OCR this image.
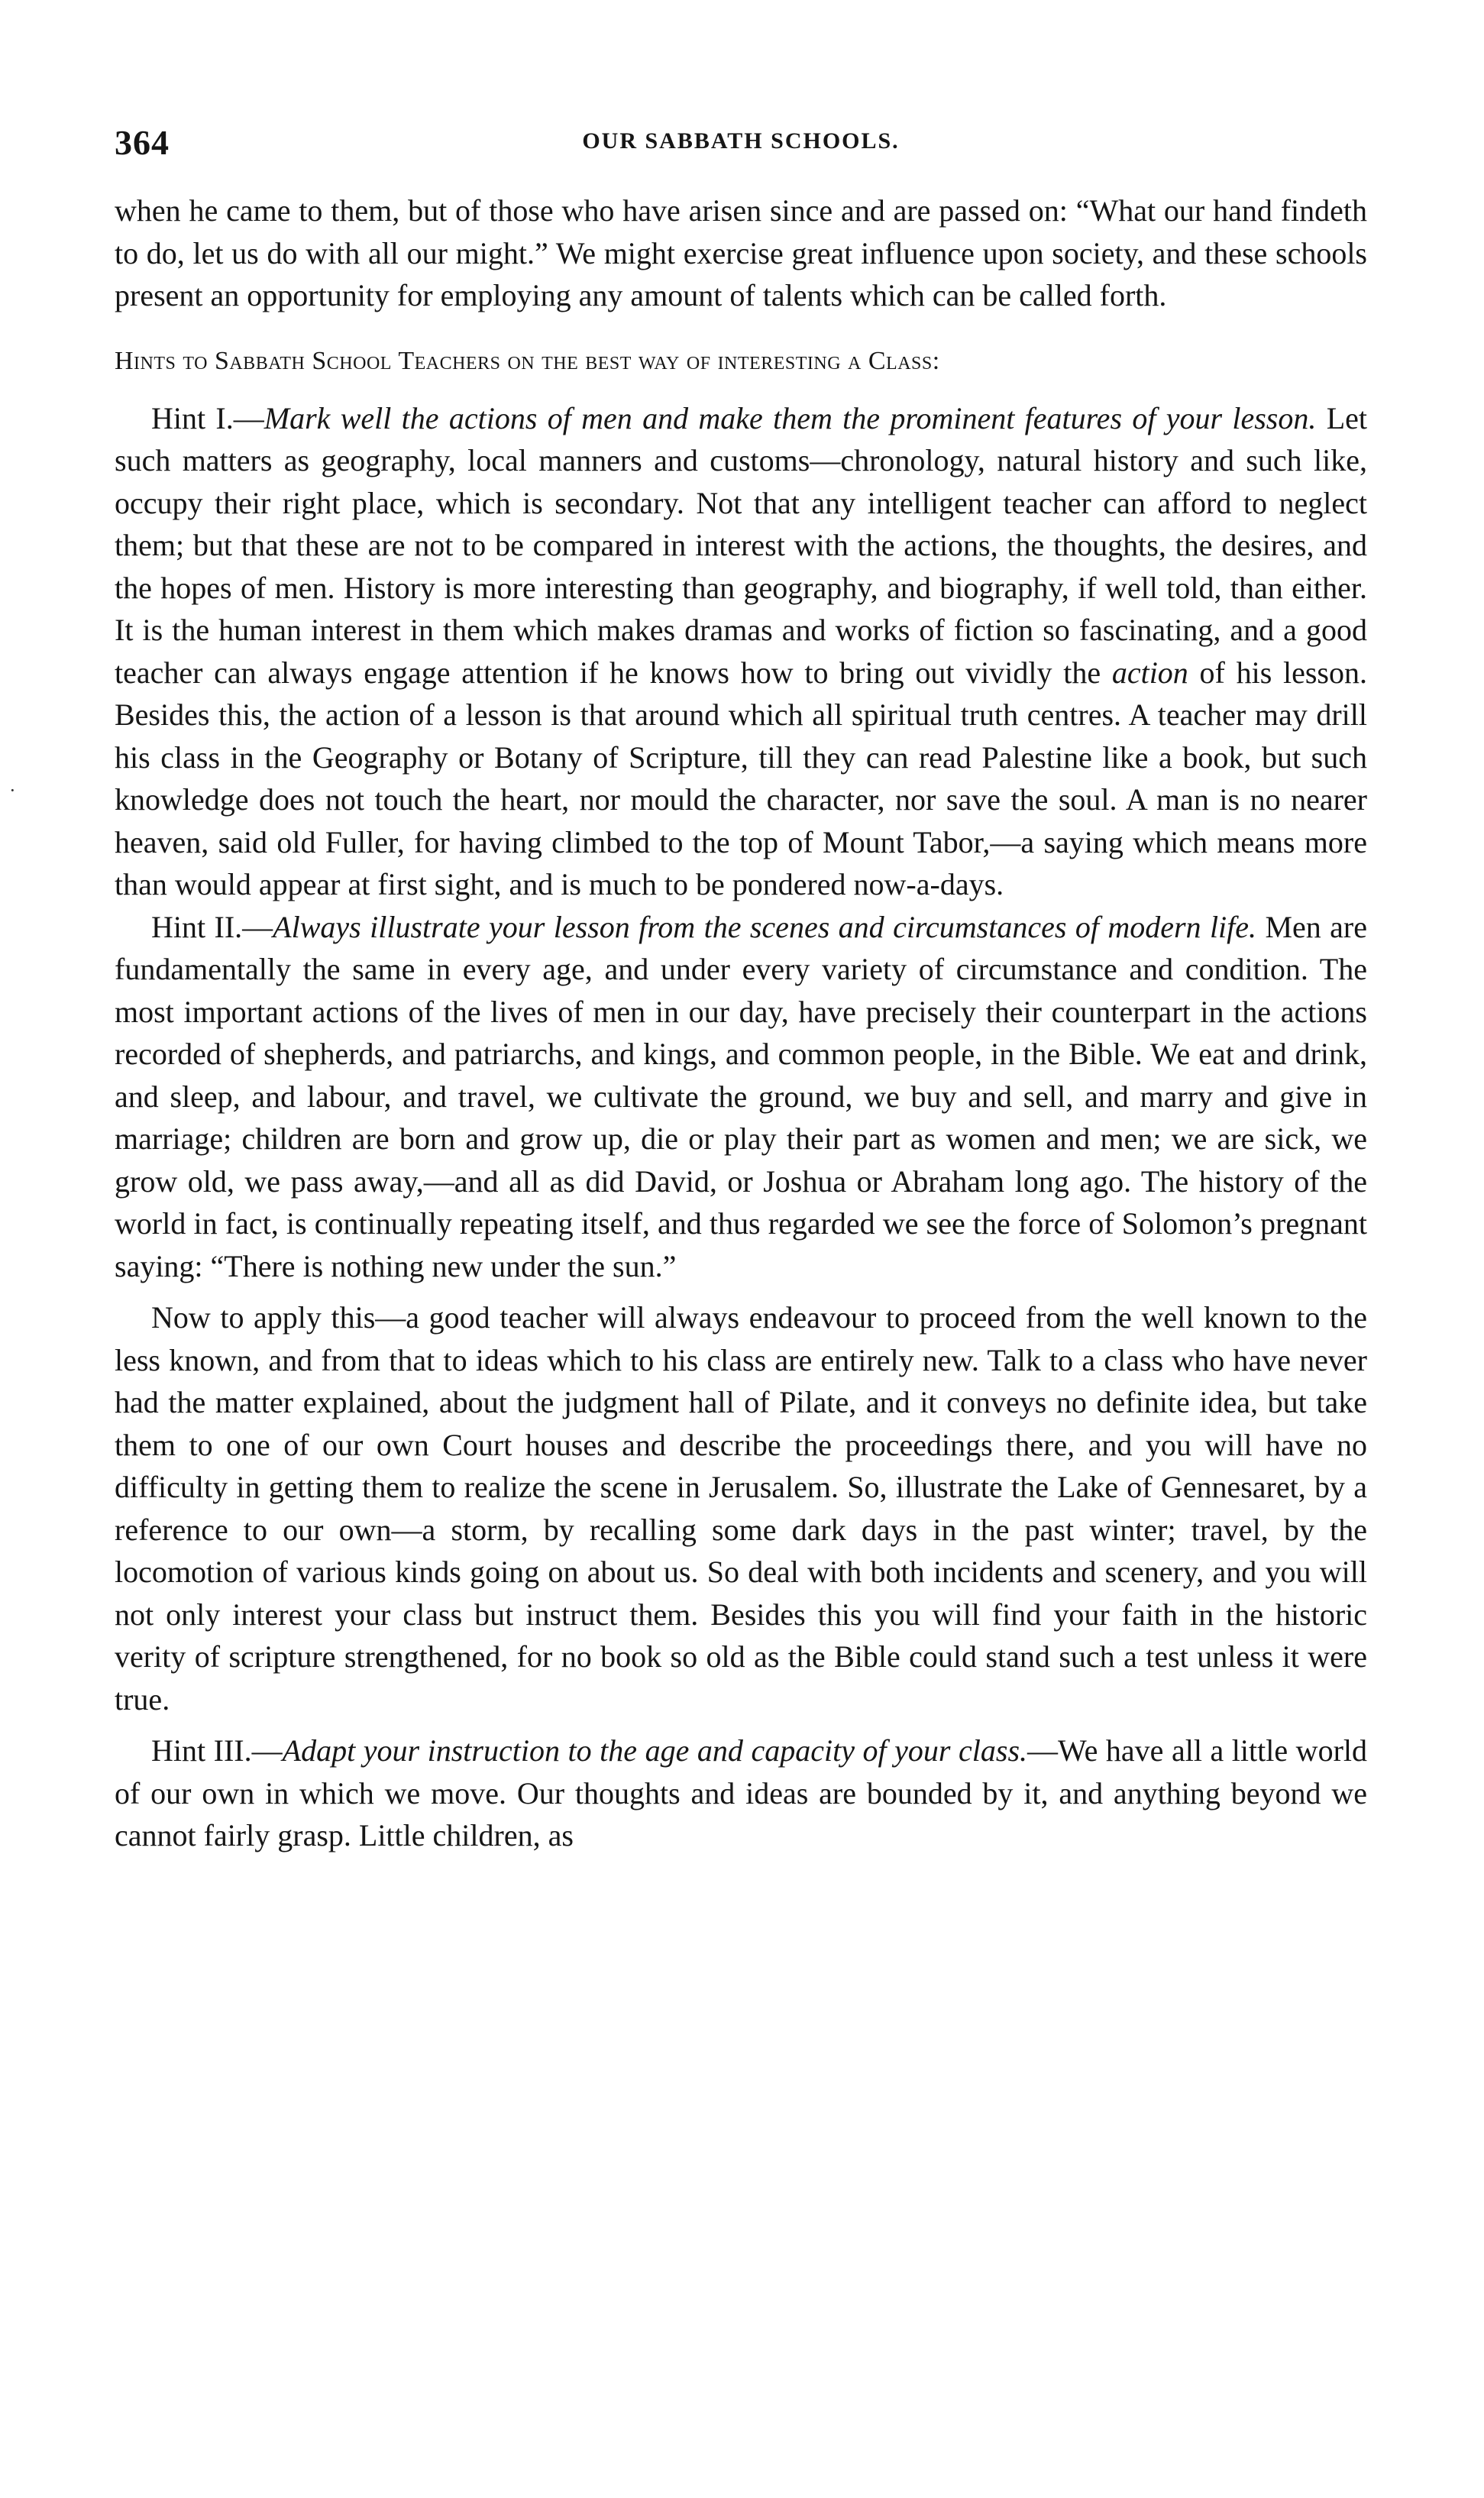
364	OUR SABBATH SCHOOLS.

when he came to them, but of those who have arisen since and are passed on: “What our hand findeth to do, let us do with all our might.” We might exercise great influence upon society, and these schools present an opportunity for employing any amount of talents which can be called forth.

Hints to Sabbath School Teachers on the best way of interesting a Class:

Hint I.—Mark well the actions of men and make them the prominent features of your lesson. Let such matters as geography, local manners and customs—chronology, natural history and such like, occupy their right place, which is secondary. Not that any intelligent teacher can afford to neglect them; but that these are not to be compared in interest with the actions, the thoughts, the desires, and the hopes of men. History is more interesting than geography, and biography, if well told, than either. It is the human interest in them which makes dramas and works of fiction so fascinating, and a good teacher can always engage attention if he knows how to bring out vividly the action of his lesson. Besides this, the action of a lesson is that around which all spiritual truth centres. A teacher may drill his class in the Geography or Botany of Scripture, till they can read Palestine like a book, but such knowledge does not touch the heart, nor mould the character, nor save the soul. A man is no nearer heaven, said old Fuller, for having climbed to the top of Mount Tabor,—a saying which means more than would appear at first sight, and is much to be pondered now-a-days.

Hint II.—Always illustrate your lesson from the scenes and circumstances of modern life. Men are fundamentally the same in every age, and under every variety of circumstance and condition. The most important actions of the lives of men in our day, have precisely their counterpart in the actions recorded of shepherds, and patriarchs, and kings, and common people, in the Bible. We eat and drink, and sleep, and labour, and travel, we cultivate the ground, we buy and sell, and marry and give in marriage; children are born and grow up, die or play their part as women and men; we are sick, we grow old, we pass away,—and all as did David, or Joshua or Abraham long ago. The history of the world in fact, is continually repeating itself, and thus regarded we see the force of Solomon’s pregnant saying: “There is nothing new under the sun.”

Now to apply this—a good teacher will always endeavour to proceed from the well known to the less known, and from that to ideas which to his class are entirely new. Talk to a class who have never had the matter explained, about the judgment hall of Pilate, and it conveys no definite idea, but take them to one of our own Court houses and describe the proceedings there, and you will have no difficulty in getting them to realize the scene in Jerusalem. So, illustrate the Lake of Gennesaret, by a reference to our own—a storm, by recalling some dark days in the past winter; travel, by the locomotion of various kinds going on about us. So deal with both incidents and scenery, and you will not only interest your class but instruct them. Besides this you will find your faith in the historic verity of scripture strengthened, for no book so old as the Bible could stand such a test unless it were true.

Hint III.—Adapt your instruction to the age and capacity of your class.—We have all a little world of our own in which we move. Our thoughts and ideas are bounded by it, and anything beyond we cannot fairly grasp. Little children, as

·
